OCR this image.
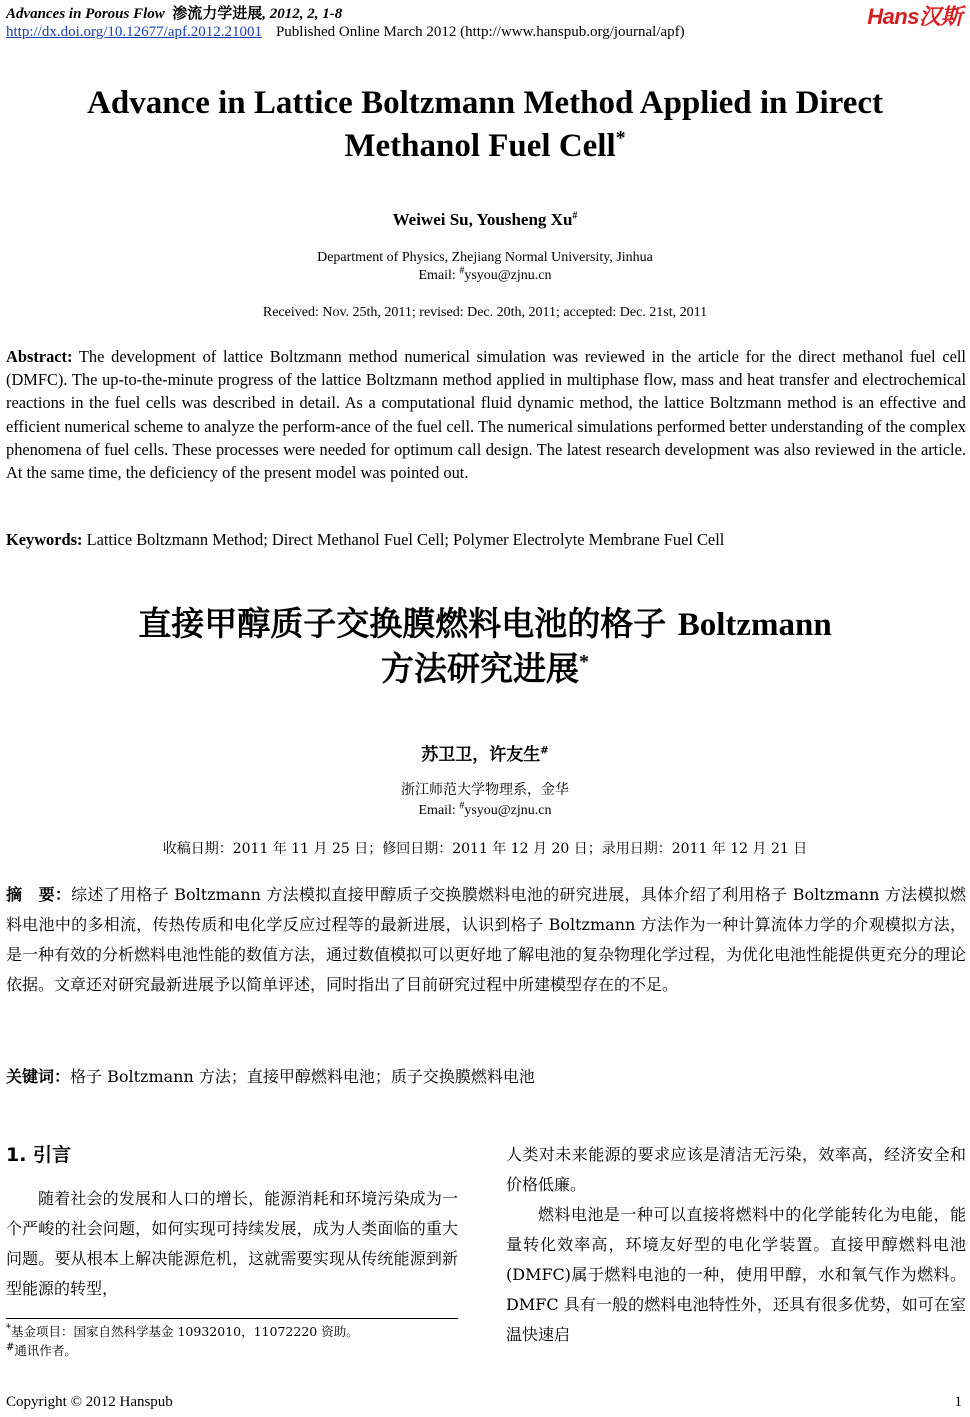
Advances in Porous Flow 渗流力学进展, 2012, 2, 1-8
http://dx.doi.org/10.12677/apf.2012.21001 Published Online March 2012 (http://www.hanspub.org/journal/apf)
Hans汉斯
Advance in Lattice Boltzmann Method Applied in Direct
Methanol Fuel Cell*
Weiwei Su, Yousheng Xu#
Department of Physics, Zhejiang Normal University, Jinhua
Email: #ysyou@zjnu.cn
Received: Nov. 25th, 2011; revised: Dec. 20th, 2011; accepted: Dec. 21st, 2011
Abstract: The development of lattice Boltzmann method numerical simulation was reviewed in the article for the direct methanol fuel cell (DMFC). The up-to-the-minute progress of the lattice Boltzmann method applied in multiphase flow, mass and heat transfer and electrochemical reactions in the fuel cells was described in detail. As a computational fluid dynamic method, the lattice Boltzmann method is an effective and efficient numerical scheme to analyze the perform-ance of the fuel cell. The numerical simulations performed better understanding of the complex phenomena of fuel cells. These processes were needed for optimum call design. The latest research development was also reviewed in the article. At the same time, the deficiency of the present model was pointed out.
Keywords: Lattice Boltzmann Method; Direct Methanol Fuel Cell; Polymer Electrolyte Membrane Fuel Cell
直接甲醇质子交换膜燃料电池的格子 Boltzmann
方法研究进展*
苏卫卫，许友生#
浙江师范大学物理系，金华
Email: #ysyou@zjnu.cn
收稿日期：2011 年 11 月 25 日；修回日期：2011 年 12 月 20 日；录用日期：2011 年 12 月 21 日
摘　要：综述了用格子 Boltzmann 方法模拟直接甲醇质子交换膜燃料电池的研究进展，具体介绍了利用格子 Boltzmann 方法模拟燃料电池中的多相流，传热传质和电化学反应过程等的最新进展，认识到格子 Boltzmann 方法作为一种计算流体力学的介观模拟方法，是一种有效的分析燃料电池性能的数值方法，通过数值模拟可以更好地了解电池的复杂物理化学过程，为优化电池性能提供更充分的理论依据。文章还对研究最新进展予以简单评述，同时指出了目前研究过程中所建模型存在的不足。
关键词：格子 Boltzmann 方法；直接甲醇燃料电池；质子交换膜燃料电池
1. 引言

随着社会的发展和人口的增长，能源消耗和环境污染成为一个严峻的社会问题，如何实现可持续发展，成为人类面临的重大问题。要从根本上解决能源危机，这就需要实现从传统能源到新型能源的转型，

人类对未来能源的要求应该是清洁无污染，效率高，经济安全和价格低廉。

燃料电池是一种可以直接将燃料中的化学能转化为电能，能量转化效率高，环境友好型的电化学装置。直接甲醇燃料电池(DMFC)属于燃料电池的一种，使用甲醇，水和氧气作为燃料。DMFC 具有一般的燃料电池特性外，还具有很多优势，如可在室温快速启

*基金项目：国家自然科学基金 10932010，11072220 资助。
#通讯作者。
Copyright © 2012 Hanspub	1
